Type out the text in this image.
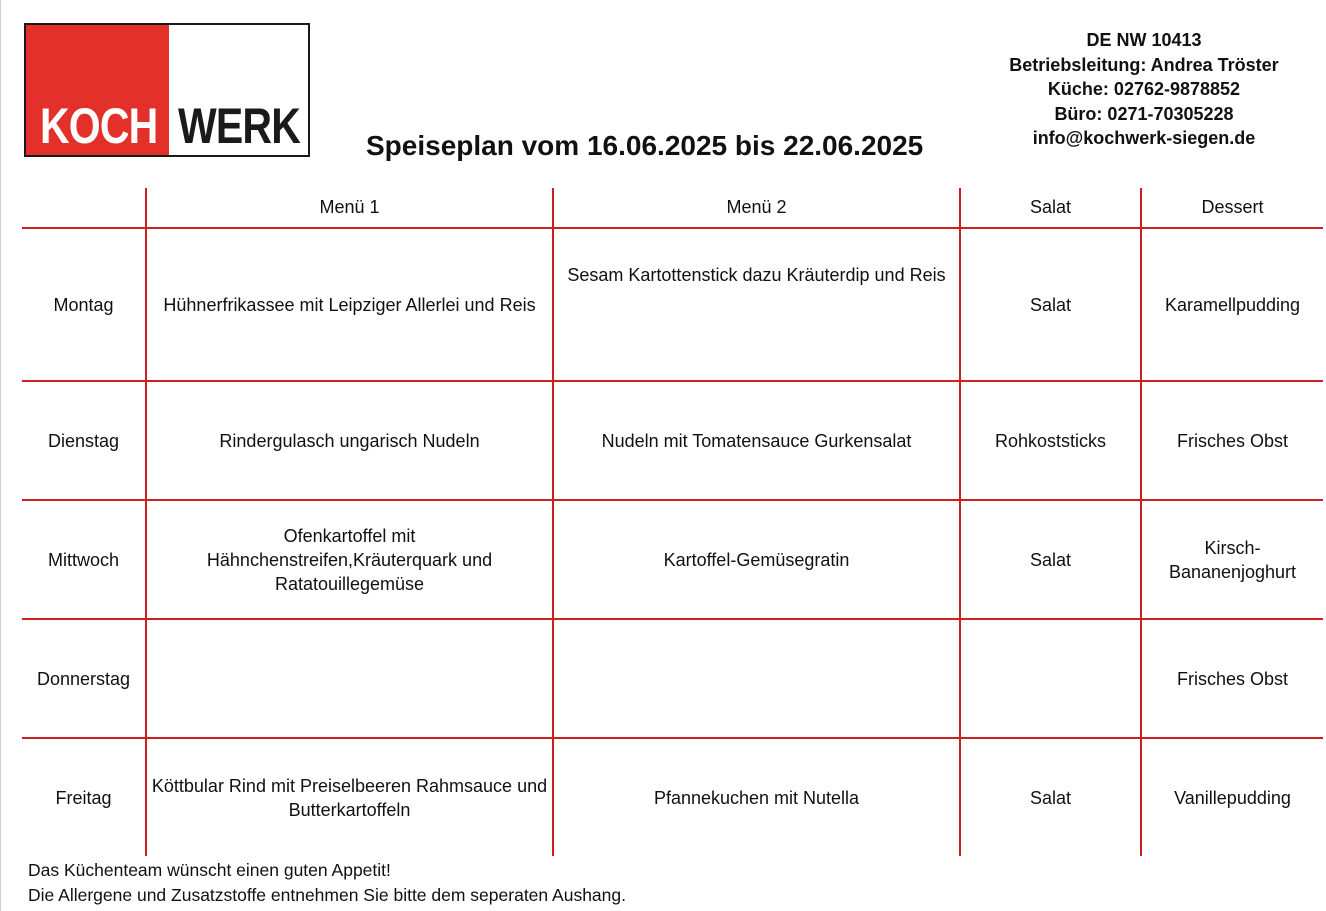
KOCH WERK Speiseplan vom 16.06.2025 bis 22.06.2025
DE NW 10413
Betriebsleitung: Andrea Tröster
Küche: 02762-9878852
Büro: 0271-70305228
info@kochwerk-siegen.de
	Menü 1	Menü 2	Salat	Dessert
Montag	Hühnerfrikassee mit Leipziger Allerlei und Reis	Sesam Kartottenstick dazu Kräuterdip und Reis	Salat	Karamellpudding
Dienstag	Rindergulasch ungarisch Nudeln	Nudeln mit Tomatensauce Gurkensalat	Rohkoststicks	Frisches Obst
Mittwoch	Ofenkartoffel mit Hähnchenstreifen,Kräuterquark und Ratatouillegemüse	Kartoffel-Gemüsegratin	Salat	Kirsch-Bananenjoghurt
Donnerstag				Frisches Obst
Freitag	Köttbular Rind mit Preiselbeeren Rahmsauce und Butterkartoffeln	Pfannekuchen mit Nutella	Salat	Vanillepudding
Das Küchenteam wünscht einen guten Appetit!
Die Allergene und Zusatzstoffe entnehmen Sie bitte dem seperaten Aushang.
